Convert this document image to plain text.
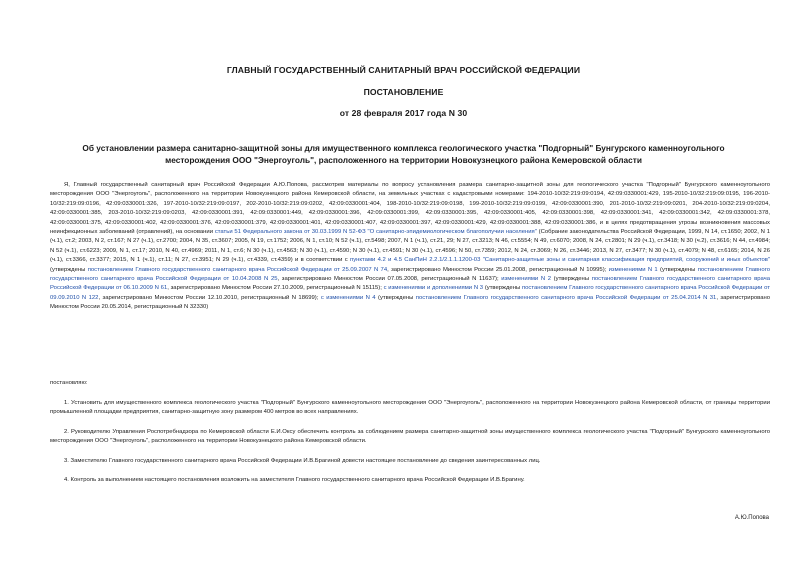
ГЛАВНЫЙ ГОСУДАРСТВЕННЫЙ САНИТАРНЫЙ ВРАЧ РОССИЙСКОЙ ФЕДЕРАЦИИ
ПОСТАНОВЛЕНИЕ
от 28 февраля 2017 года N 30
Об установлении размера санитарно-защитной зоны для имущественного комплекса геологического участка "Подгорный" Бунгурского каменноугольного месторождения ООО "Энергоуголь", расположенного на территории Новокузнецкого района Кемеровской области
Я, Главный государственный санитарный врач Российской Федерации А.Ю.Попова, рассмотрев материалы по вопросу установления размера санитарно-защитной зоны для геологического участка "Подгорный" Бунгурского каменноугольного месторождения ООО "Энергоуголь", расположенного на территории Новокузнецкого района Кемеровской области, на земельных участках с кадастровыми номерами: 194-2010-10/32:219:09:0194, 42:09:0330001:429, 195-2010-10/32:219:09:0195, 196-2010-10/32:219:09:0196, 42:09:0330001:326, 197-2010-10/32:219:09:0197, 202-2010-10/32:219:09:0202, 42:09:0330001:404, 198-2010-10/32:219:09:0198, 199-2010-10/32:219:09:0199, 42:09:0330001:390, 201-2010-10/32:219:09:0201, 204-2010-10/32:219:09:0204, 42:09:0330001:385, 203-2010-10/32:219:09:0203, 42:09:0330001:391, 42:09:0330001:449, 42:09:0330001:396, 42:09:0330001:399, 42:09:0330001:395, 42:09:0330001:405, 42:09:0330001:398, 42:09:0330001:341, 42:09:0330001:342, 42:09:0330001:378, 42:09:0330001:375, 42:09:0330001:402, 42:09:0330001:376, 42:09:0330001:379, 42:09:0330001:401, 42:09:0330001:407, 42:09:0330001:397, 42:09:0330001:429, 42:09:0330001:388, 42:09:0330001:386, и в целях предотвращения угрозы возникновения массовых неинфекционных заболеваний (отравлений), на основании статьи 51 Федерального закона от 30.03.1999 N 52-ФЗ "О санитарно-эпидемиологическом благополучии населения" (Собрание законодательства Российской Федерации, 1999, N 14, ст.1650; 2002, N 1 (ч.1), ст.2; 2003, N 2, ст.167; N 27 (ч.1), ст.2700; 2004, N 35, ст.3607; 2005, N 19, ст.1752; 2006, N 1, ст.10; N 52 (ч.1), ст.5498; 2007, N 1 (ч.1), ст.21, 29; N 27, ст.3213; N 46, ст.5554; N 49, ст.6070; 2008, N 24, ст.2801; N 29 (ч.1), ст.3418; N 30 (ч.2), ст.3616; N 44, ст.4984; N 52 (ч.1), ст.6223; 2009, N 1, ст.17; 2010, N 40, ст.4969; 2011, N 1, ст.6; N 30 (ч.1), ст.4563; N 30 (ч.1), ст.4590; N 30 (ч.1), ст.4591; N 30 (ч.1), ст.4596; N 50, ст.7359; 2012, N 24, ст.3069; N 26, ст.3446; 2013, N 27, ст.3477; N 30 (ч.1), ст.4079; N 48, ст.6165; 2014, N 26 (ч.1), ст.3366, ст.3377; 2015, N 1 (ч.1), ст.11; N 27, ст.3951; N 29 (ч.1), ст.4339, ст.4359) и в соответствии с пунктами 4.2 и 4.5 СанПиН 2.2.1/2.1.1.1200-03 "Санитарно-защитные зоны и санитарная классификация предприятий, сооружений и иных объектов" (утверждены постановлением Главного государственного санитарного врача Российской Федерации от 25.09.2007 N 74, зарегистрировано Минюстом России 25.01.2008, регистрационный N 10995); изменениями N 1 (утверждены постановлением Главного государственного санитарного врача Российской Федерации от 10.04.2008 N 25, зарегистрировано Минюстом России 07.05.2008, регистрационный N 11637); изменениями N 2 (утверждены постановлением Главного государственного санитарного врача Российской Федерации от 06.10.2009 N 61, зарегистрировано Минюстом России 27.10.2009, регистрационный N 15115); с изменениями и дополнениями N 3 (утверждены постановлением Главного государственного санитарного врача Российской Федерации от 09.09.2010 N 122, зарегистрировано Минюстом России 12.10.2010, регистрационный N 18699); с изменениями N 4 (утверждены постановлением Главного государственного санитарного врача Российской Федерации от 25.04.2014 N 31, зарегистрировано Минюстом России 20.05.2014, регистрационный N 32330)
постановляю:
1. Установить для имущественного комплекса геологического участка "Подгорный" Бунгурского каменноугольного месторождения ООО "Энергоуголь", расположенного на территории Новокузнецкого района Кемеровской области, от границы территории промышленной площадки предприятия, санитарно-защитную зону размером 400 метров во всех направлениях.
2. Руководителю Управления Роспотребнадзора по Кемеровской области Е.И.Оксу обеспечить контроль за соблюдением размера санитарно-защитной зоны имущественного комплекса геологического участка "Подгорный" Бунгурского каменноугольного месторождения ООО "Энергоуголь", расположенного на территории Новокузнецкого района Кемеровской области.
3. Заместителю Главного государственного санитарного врача Российской Федерации И.В.Брагиной довести настоящее постановление до сведения заинтересованных лиц.
4. Контроль за выполнением настоящего постановления возложить на заместителя Главного государственного санитарного врача Российской Федерации И.В.Брагину.
А.Ю.Попова
